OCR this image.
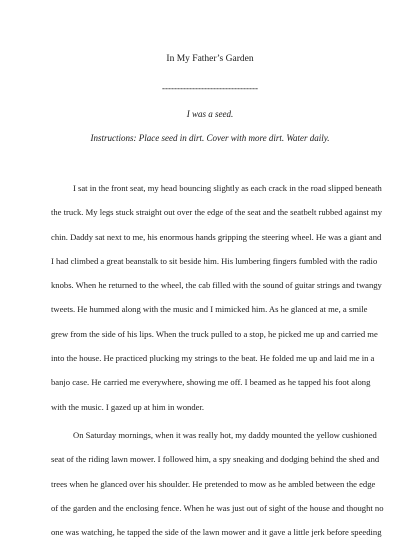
In My Father’s Garden
--------------------------------
I was a seed.
Instructions: Place seed in dirt. Cover with more dirt. Water daily.
I sat in the front seat, my head bouncing slightly as each crack in the road slipped beneath
the truck. My legs stuck straight out over the edge of the seat and the seatbelt rubbed against my
chin. Daddy sat next to me, his enormous hands gripping the steering wheel. He was a giant and
I had climbed a great beanstalk to sit beside him. His lumbering fingers fumbled with the radio
knobs. When he returned to the wheel, the cab filled with the sound of guitar strings and twangy
tweets. He hummed along with the music and I mimicked him. As he glanced at me, a smile
grew from the side of his lips. When the truck pulled to a stop, he picked me up and carried me
into the house. He practiced plucking my strings to the beat. He folded me up and laid me in a
banjo case. He carried me everywhere, showing me off. I beamed as he tapped his foot along
with the music. I gazed up at him in wonder.
On Saturday mornings, when it was really hot, my daddy mounted the yellow cushioned
seat of the riding lawn mower. I followed him, a spy sneaking and dodging behind the shed and
trees when he glanced over his shoulder. He pretended to mow as he ambled between the edge
of the garden and the enclosing fence. When he was just out of sight of the house and thought no
one was watching, he tapped the side of the lawn mower and it gave a little jerk before speeding
